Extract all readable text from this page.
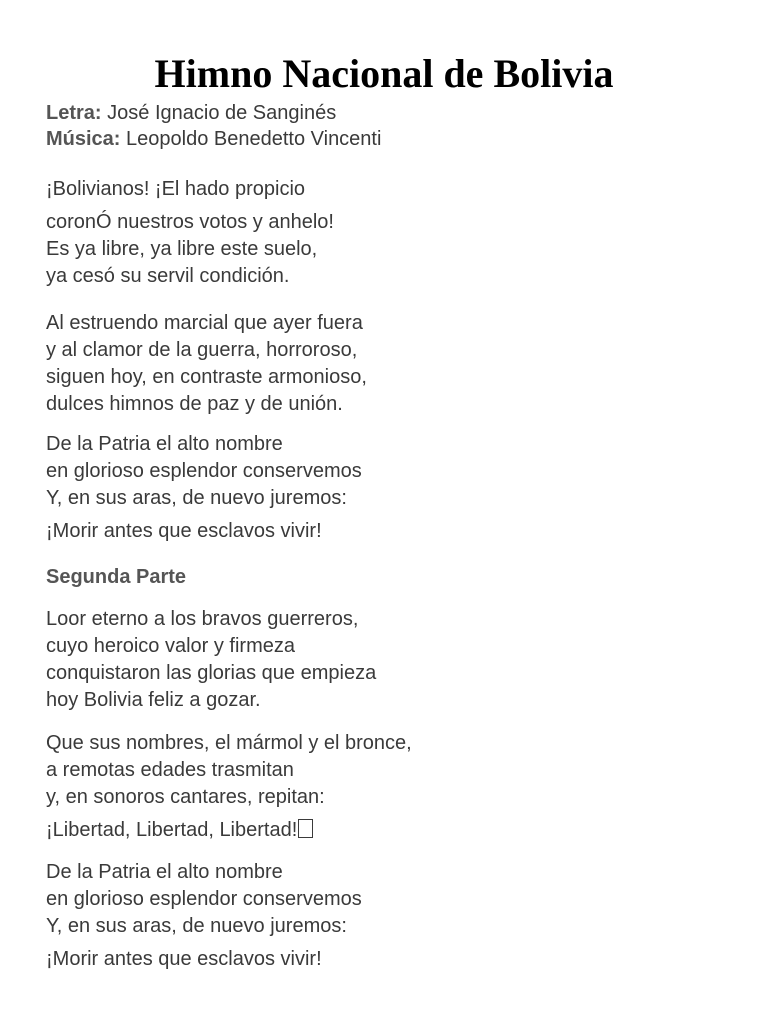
Himno Nacional de Bolivia
Letra: José Ignacio de Sanginés
Música: Leopoldo Benedetto Vincenti
¡Bolivianos! ¡El hado propicio
coronÓ nuestros votos y anhelo!
Es ya libre, ya libre este suelo,
ya cesó su servil condición.
Al estruendo marcial que ayer fuera
y al clamor de la guerra, horroroso,
siguen hoy, en contraste armonioso,
dulces himnos de paz y de unión.
De la Patria el alto nombre
en glorioso esplendor conservemos
Y, en sus aras, de nuevo juremos:
¡Morir antes que esclavos vivir!
Segunda Parte
Loor eterno a los bravos guerreros,
cuyo heroico valor y firmeza
conquistaron las glorias que empieza
hoy Bolivia feliz a gozar.
Que sus nombres, el mármol y el bronce,
a remotas edades trasmitan
y, en sonoros cantares, repitan:
¡Libertad, Libertad, Libertad!
De la Patria el alto nombre
en glorioso esplendor conservemos
Y, en sus aras, de nuevo juremos:
¡Morir antes que esclavos vivir!
